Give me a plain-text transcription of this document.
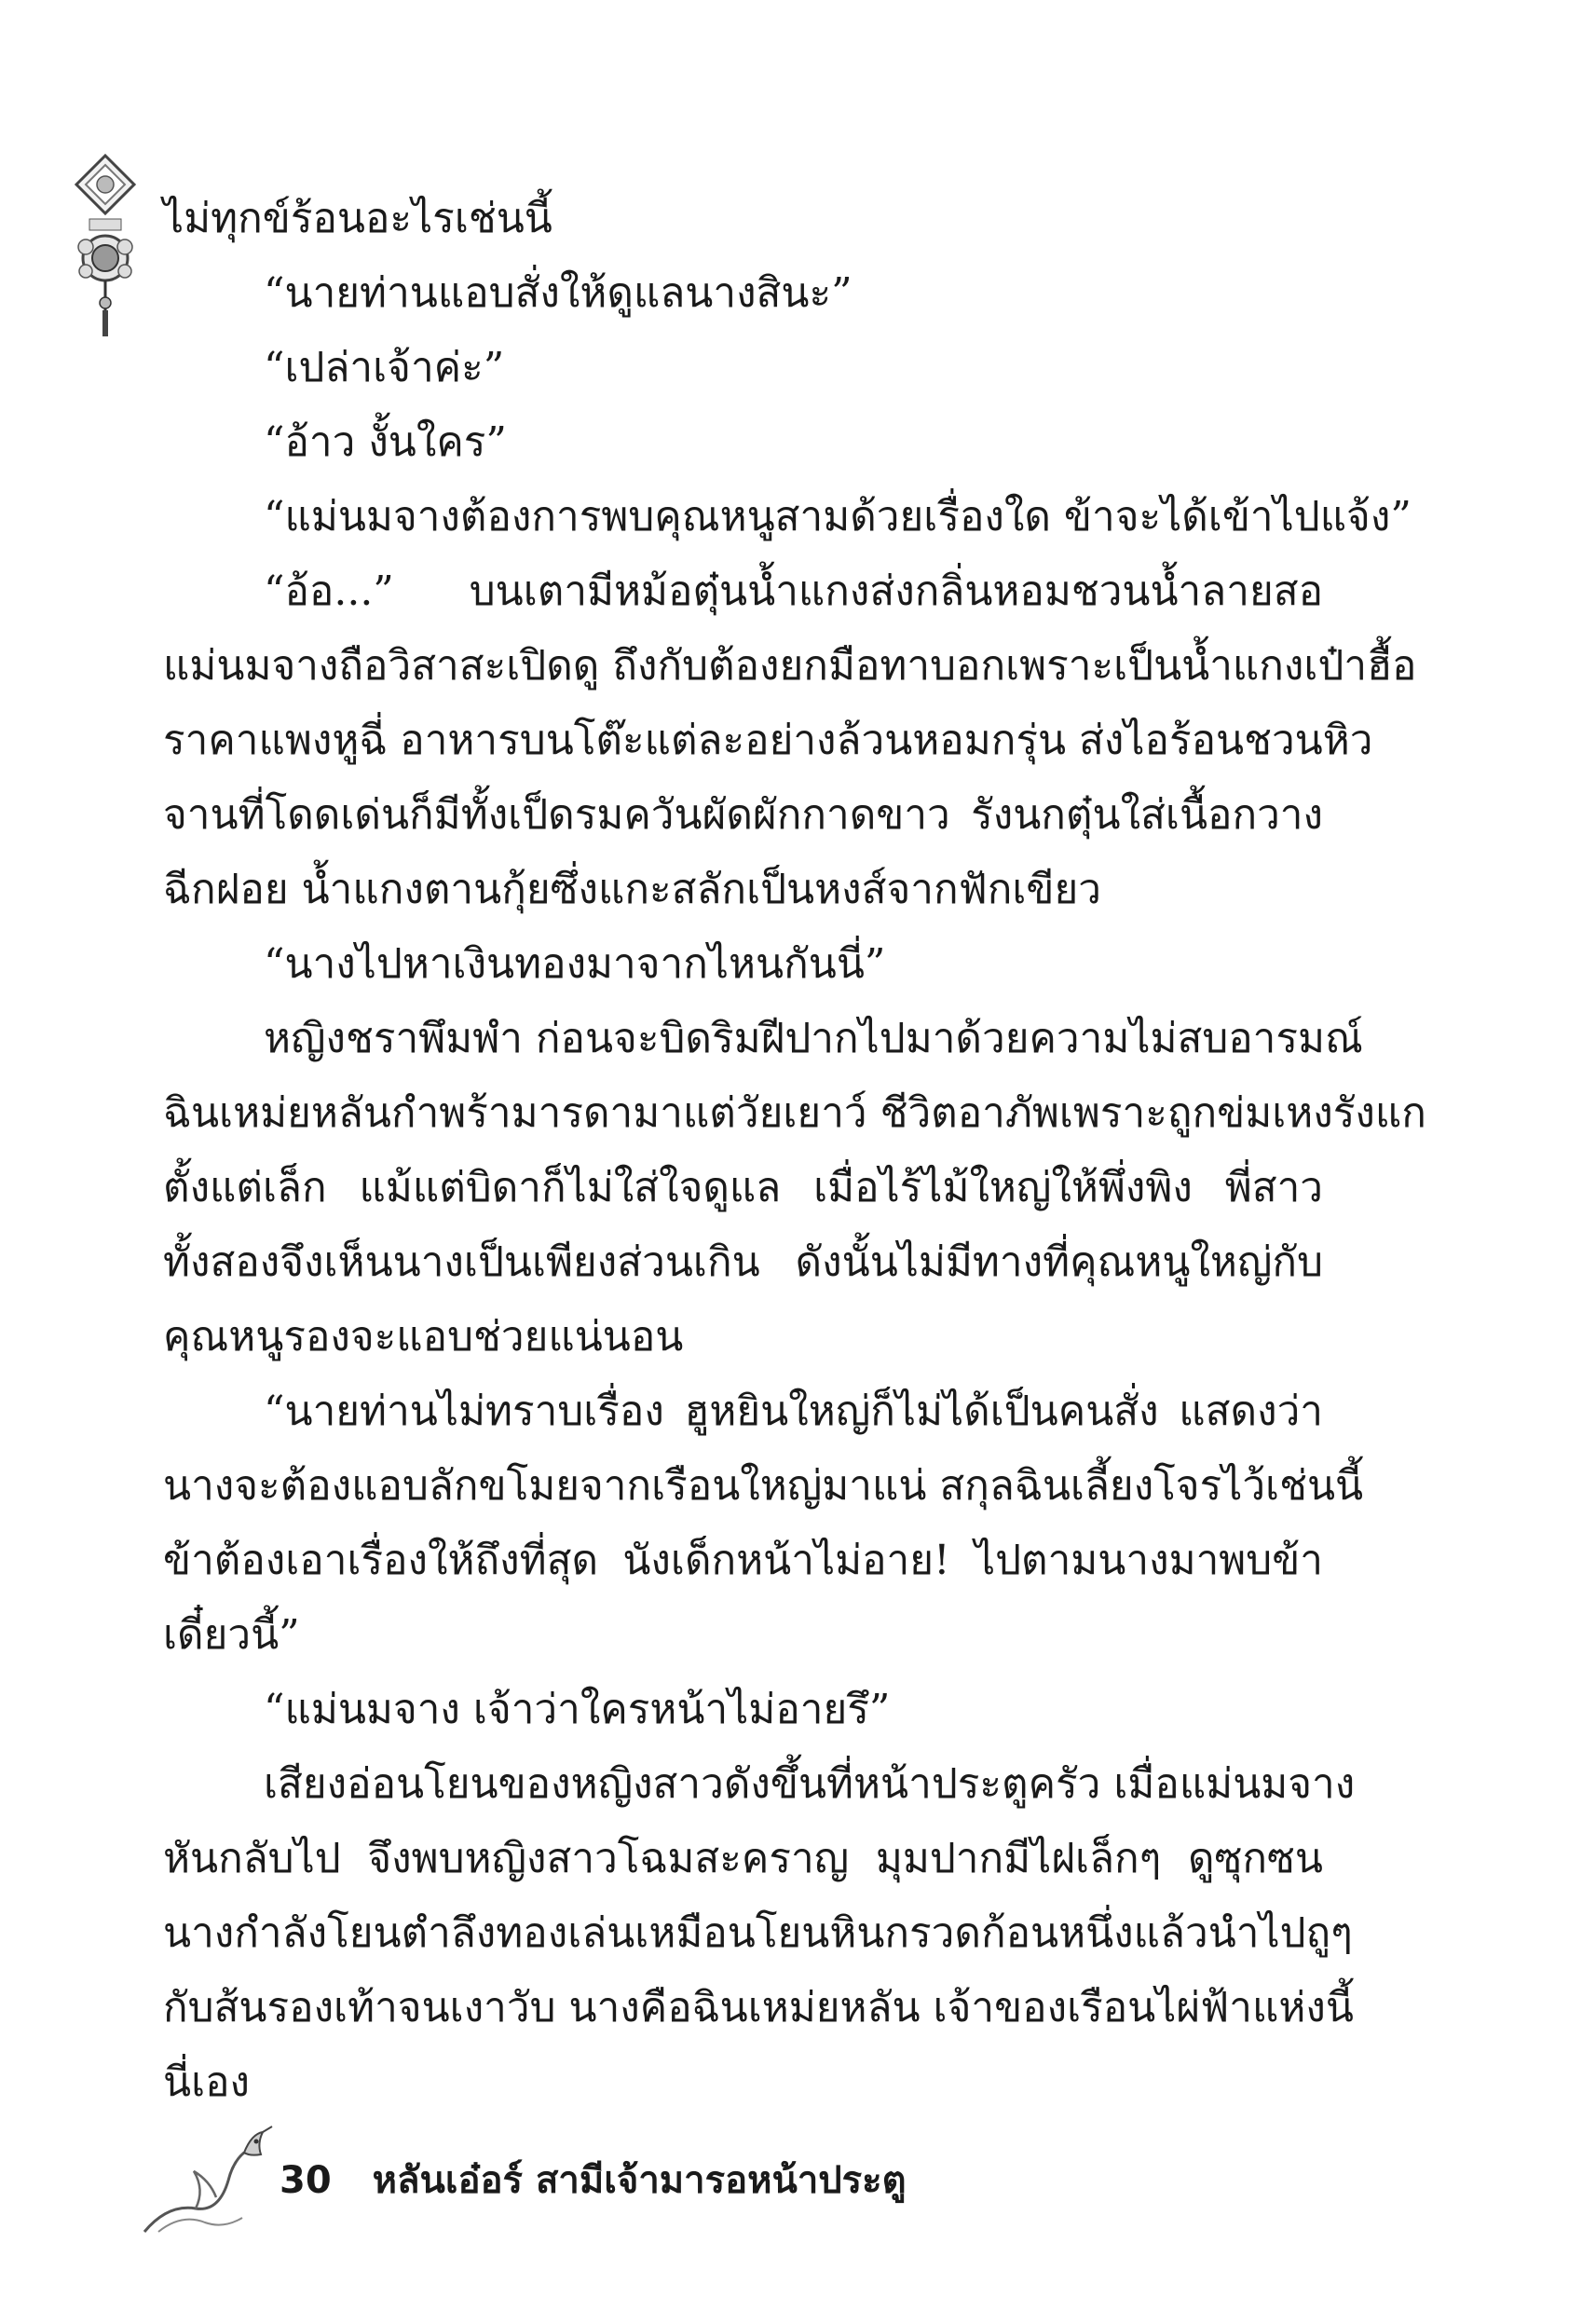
ไม่ทุกข์ร้อนอะไรเช่นนี้
“นายท่านแอบสั่งให้ดูแลนางสินะ”
“เปล่าเจ้าค่ะ”
“อ้าว งั้นใคร”
“แม่นมจางต้องการพบคุณหนูสามด้วยเรื่องใด ข้าจะได้เข้าไปแจ้ง”
“อ้อ...” บนเตามีหม้อตุ๋นน้ำแกงส่งกลิ่นหอมชวนน้ำลายสอ
แม่นมจางถือวิสาสะเปิดดู ถึงกับต้องยกมือทาบอกเพราะเป็นน้ำแกงเป๋าฮื้อ
ราคาแพงหูฉี่ อาหารบนโต๊ะแต่ละอย่างล้วนหอมกรุ่น ส่งไอร้อนชวนหิว
จานที่โดดเด่นก็มีทั้งเป็ดรมควันผัดผักกาดขาว รังนกตุ๋นใส่เนื้อกวาง
ฉีกฝอย น้ำแกงตานกุ้ยซึ่งแกะสลักเป็นหงส์จากฟักเขียว
“นางไปหาเงินทองมาจากไหนกันนี่”
หญิงชราพึมพำ ก่อนจะบิดริมฝีปากไปมาด้วยความไม่สบอารมณ์
ฉินเหม่ยหลันกำพร้ามารดามาแต่วัยเยาว์ ชีวิตอาภัพเพราะถูกข่มเหงรังแก
ตั้งแต่เล็ก แม้แต่บิดาก็ไม่ใส่ใจดูแล เมื่อไร้ไม้ใหญ่ให้พึ่งพิง พี่สาว
ทั้งสองจึงเห็นนางเป็นเพียงส่วนเกิน ดังนั้นไม่มีทางที่คุณหนูใหญ่กับ
คุณหนูรองจะแอบช่วยแน่นอน
“นายท่านไม่ทราบเรื่อง ฮูหยินใหญ่ก็ไม่ได้เป็นคนสั่ง แสดงว่า
นางจะต้องแอบลักขโมยจากเรือนใหญ่มาแน่ สกุลฉินเลี้ยงโจรไว้เช่นนี้
ข้าต้องเอาเรื่องให้ถึงที่สุด นังเด็กหน้าไม่อาย! ไปตามนางมาพบข้า
เดี๋ยวนี้”
“แม่นมจาง เจ้าว่าใครหน้าไม่อายรึ”
เสียงอ่อนโยนของหญิงสาวดังขึ้นที่หน้าประตูครัว เมื่อแม่นมจาง
หันกลับไป จึงพบหญิงสาวโฉมสะคราญ มุมปากมีไฝเล็กๆ ดูซุกซน
นางกำลังโยนตำลึงทองเล่นเหมือนโยนหินกรวดก้อนหนึ่งแล้วนำไปถูๆ
กับส้นรองเท้าจนเงาวับ นางคือฉินเหม่ยหลัน เจ้าของเรือนไผ่ฟ้าแห่งนี้
นี่เอง
30 หลันเอ๋อร์ สามีเจ้ามารอหน้าประตู
